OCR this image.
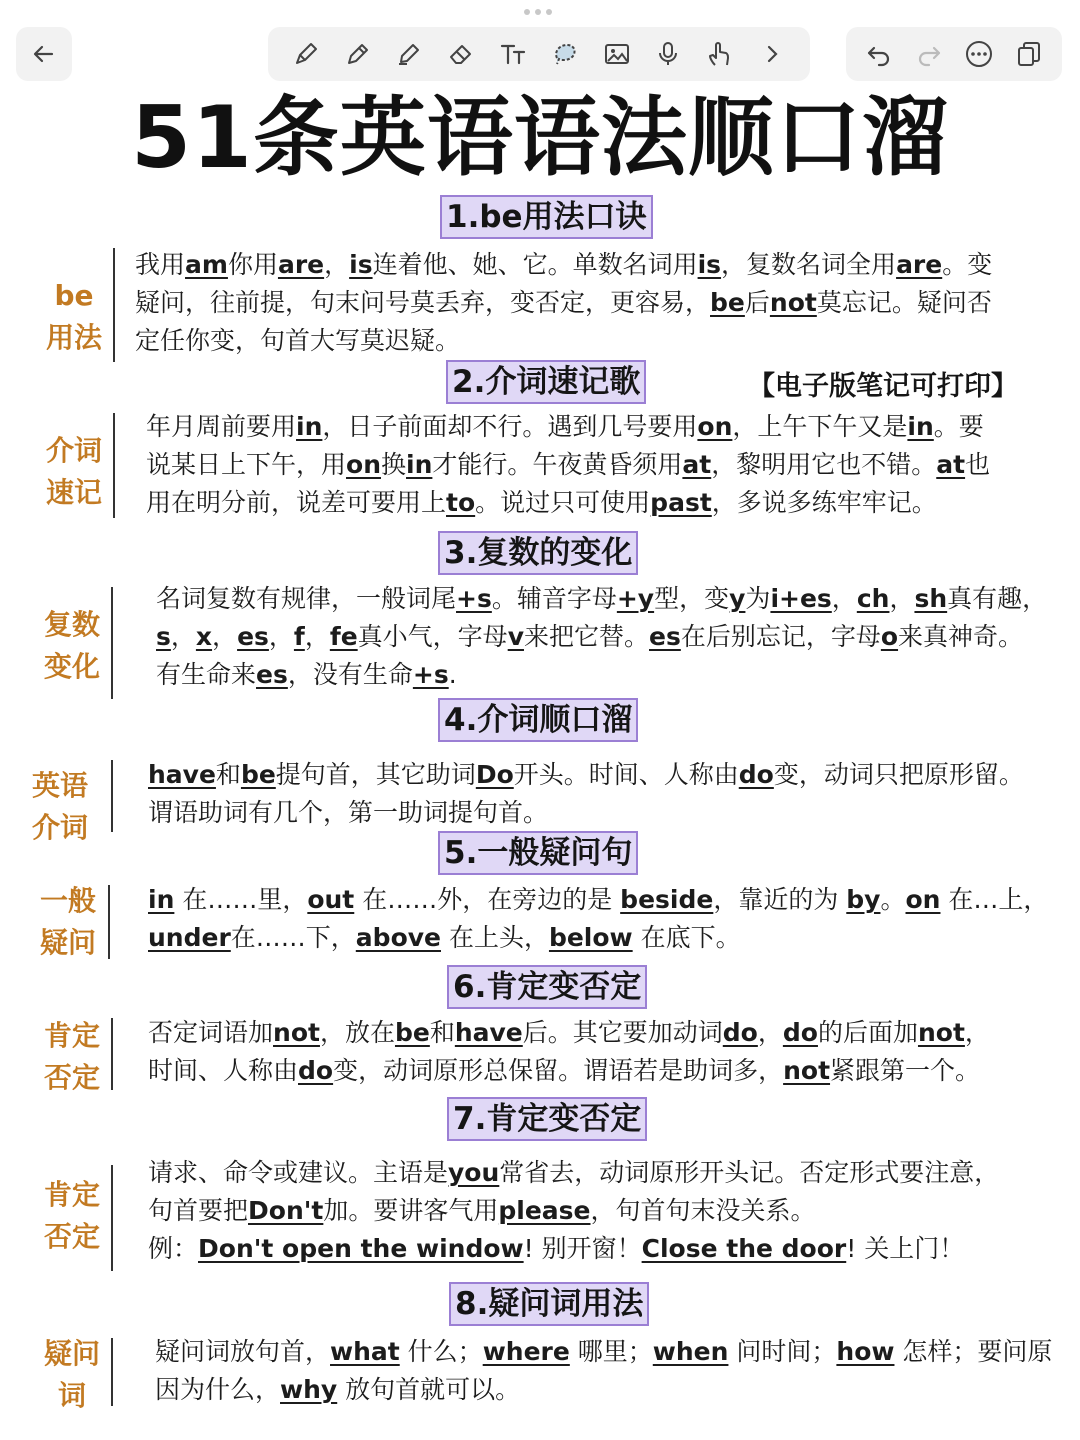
51条英语语法顺口溜
【电子版笔记可打印】
1.be用法口诀
be
用法
我用am你用are，is连着他、她、它。单数名词用is，复数名词全用are。变
疑问，往前提，句末问号莫丢弃，变否定，更容易，be后not莫忘记。疑问否
定任你变，句首大写莫迟疑。
2.介词速记歌
介词
速记
年月周前要用in，日子前面却不行。遇到几号要用on，上午下午又是in。要
说某日上下午，用on换in才能行。午夜黄昏须用at，黎明用它也不错。at也
用在明分前，说差可要用上to。说过只可使用past，多说多练牢牢记。
3.复数的变化
复数
变化
名词复数有规律，一般词尾+s。辅音字母+y型，变y为i+es，ch，sh真有趣，
s，x，es，f，fe真小气，字母v来把它替。es在后别忘记，字母o来真神奇。
有生命来es，没有生命+s.
4.介词顺口溜
英语
介词
have和be提句首，其它助词Do开头。时间、人称由do变，动词只把原形留。
谓语助词有几个，第一助词提句首。
5.一般疑问句
一般
疑问
in 在……里，out 在……外，在旁边的是 beside，靠近的为 by。on 在…上，
under在……下，above 在上头，below 在底下。
6.肯定变否定
肯定
否定
否定词语加not，放在be和have后。其它要加动词do，do的后面加not，
时间、人称由do变，动词原形总保留。谓语若是助词多，not紧跟第一个。
7.肯定变否定
肯定
否定
请求、命令或建议。主语是you常省去，动词原形开头记。否定形式要注意，
句首要把Don't加。要讲客气用please，句首句末没关系。
例：Don't open the window! 别开窗！Close the door! 关上门！
8.疑问词用法
疑问
词
疑问词放句首，what 什么；where 哪里；when 问时间；how 怎样；要问原
因为什么，why 放句首就可以。
